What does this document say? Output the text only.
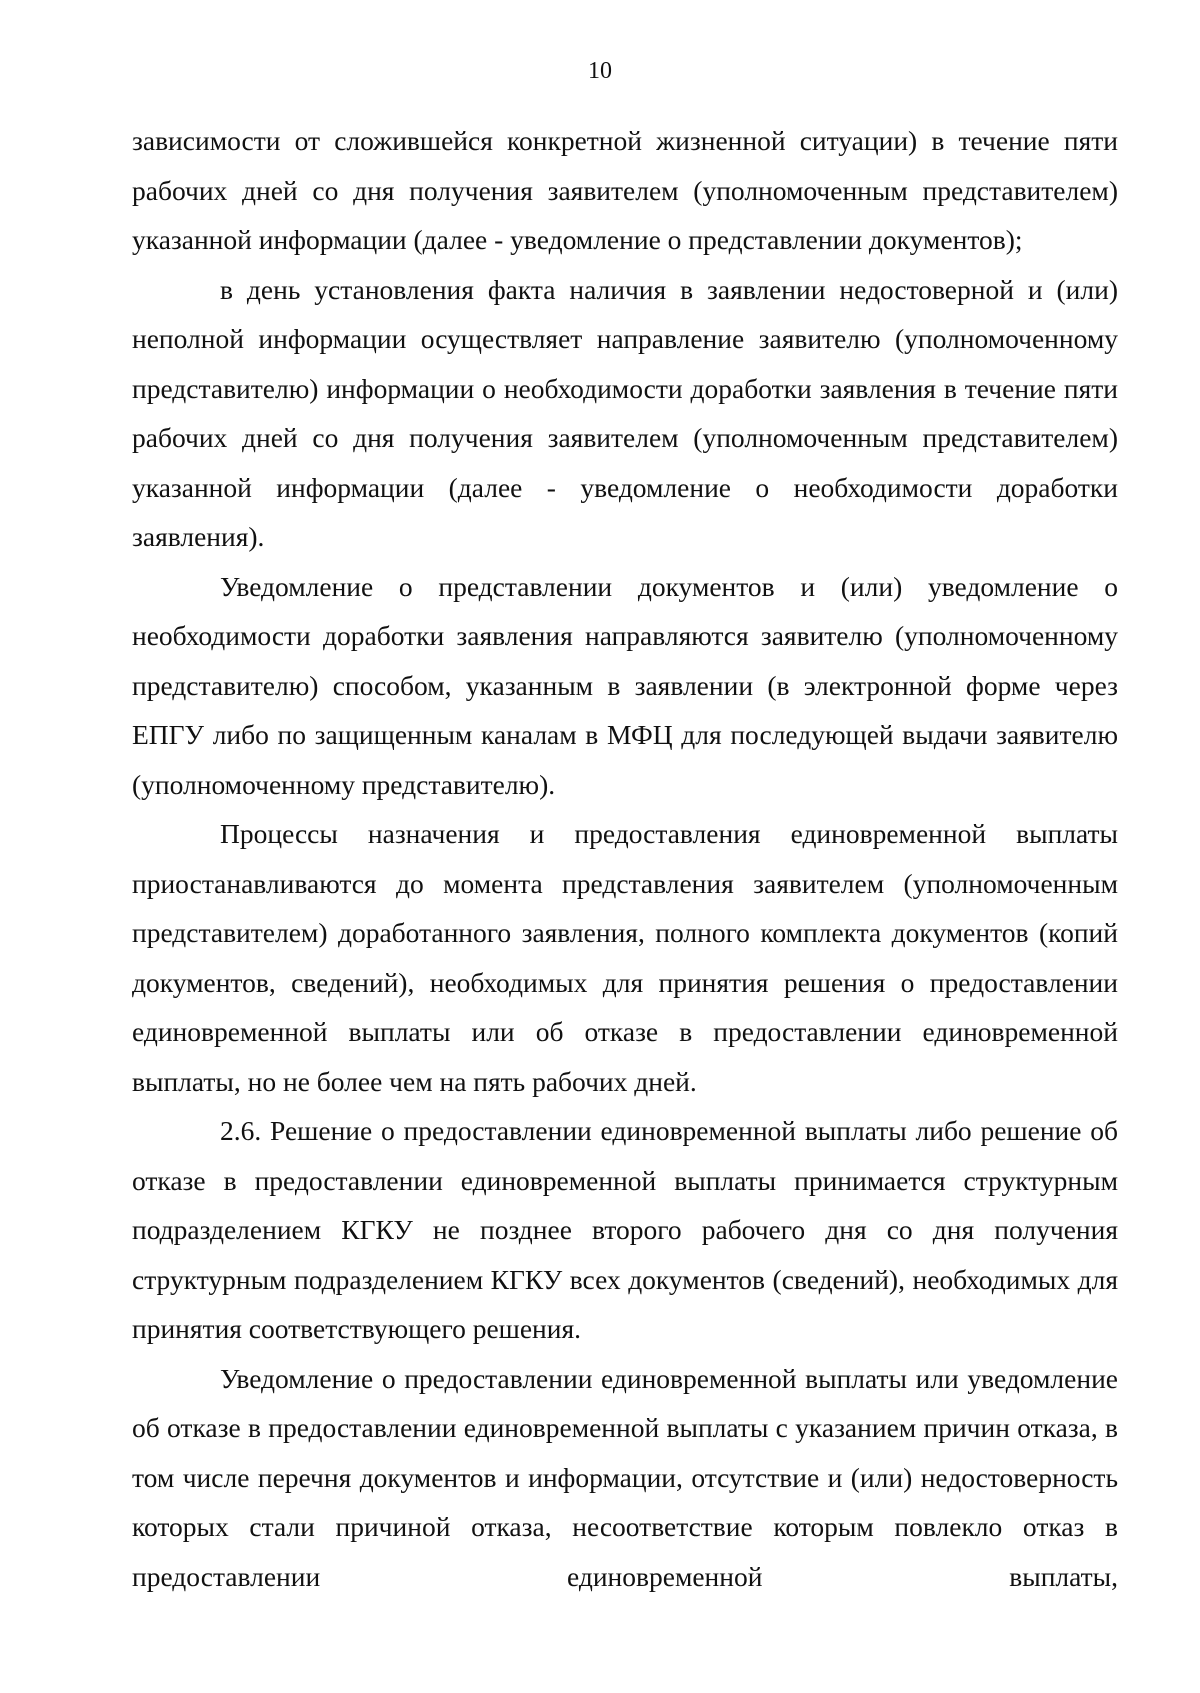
10

зависимости от сложившейся конкретной жизненной ситуации) в течение пяти рабочих дней со дня получения заявителем (уполномоченным представителем) указанной информации (далее - уведомление о представлении документов);

в день установления факта наличия в заявлении недостоверной и (или) неполной информации осуществляет направление заявителю (уполномоченному представителю) информации о необходимости доработки заявления в течение пяти рабочих дней со дня получения заявителем (уполномоченным представителем) указанной информации (далее - уведомление о необходимости доработки заявления).

Уведомление о представлении документов и (или) уведомление о необходимости доработки заявления направляются заявителю (уполномоченному представителю) способом, указанным в заявлении (в электронной форме через ЕПГУ либо по защищенным каналам в МФЦ для последующей выдачи заявителю (уполномоченному представителю).

Процессы назначения и предоставления единовременной выплаты приостанавливаются до момента представления заявителем (уполномоченным представителем) доработанного заявления, полного комплекта документов (копий документов, сведений), необходимых для принятия решения о предоставлении единовременной выплаты или об отказе в предоставлении единовременной выплаты, но не более чем на пять рабочих дней.

2.6. Решение о предоставлении единовременной выплаты либо решение об отказе в предоставлении единовременной выплаты принимается структурным подразделением КГКУ не позднее второго рабочего дня со дня получения структурным подразделением КГКУ всех документов (сведений), необходимых для принятия соответствующего решения.

Уведомление о предоставлении единовременной выплаты или уведомление об отказе в предоставлении единовременной выплаты с указанием причин отказа, в том числе перечня документов и информации, отсутствие и (или) недостоверность которых стали причиной отказа, несоответствие которым повлекло отказ в предоставлении единовременной выплаты,
